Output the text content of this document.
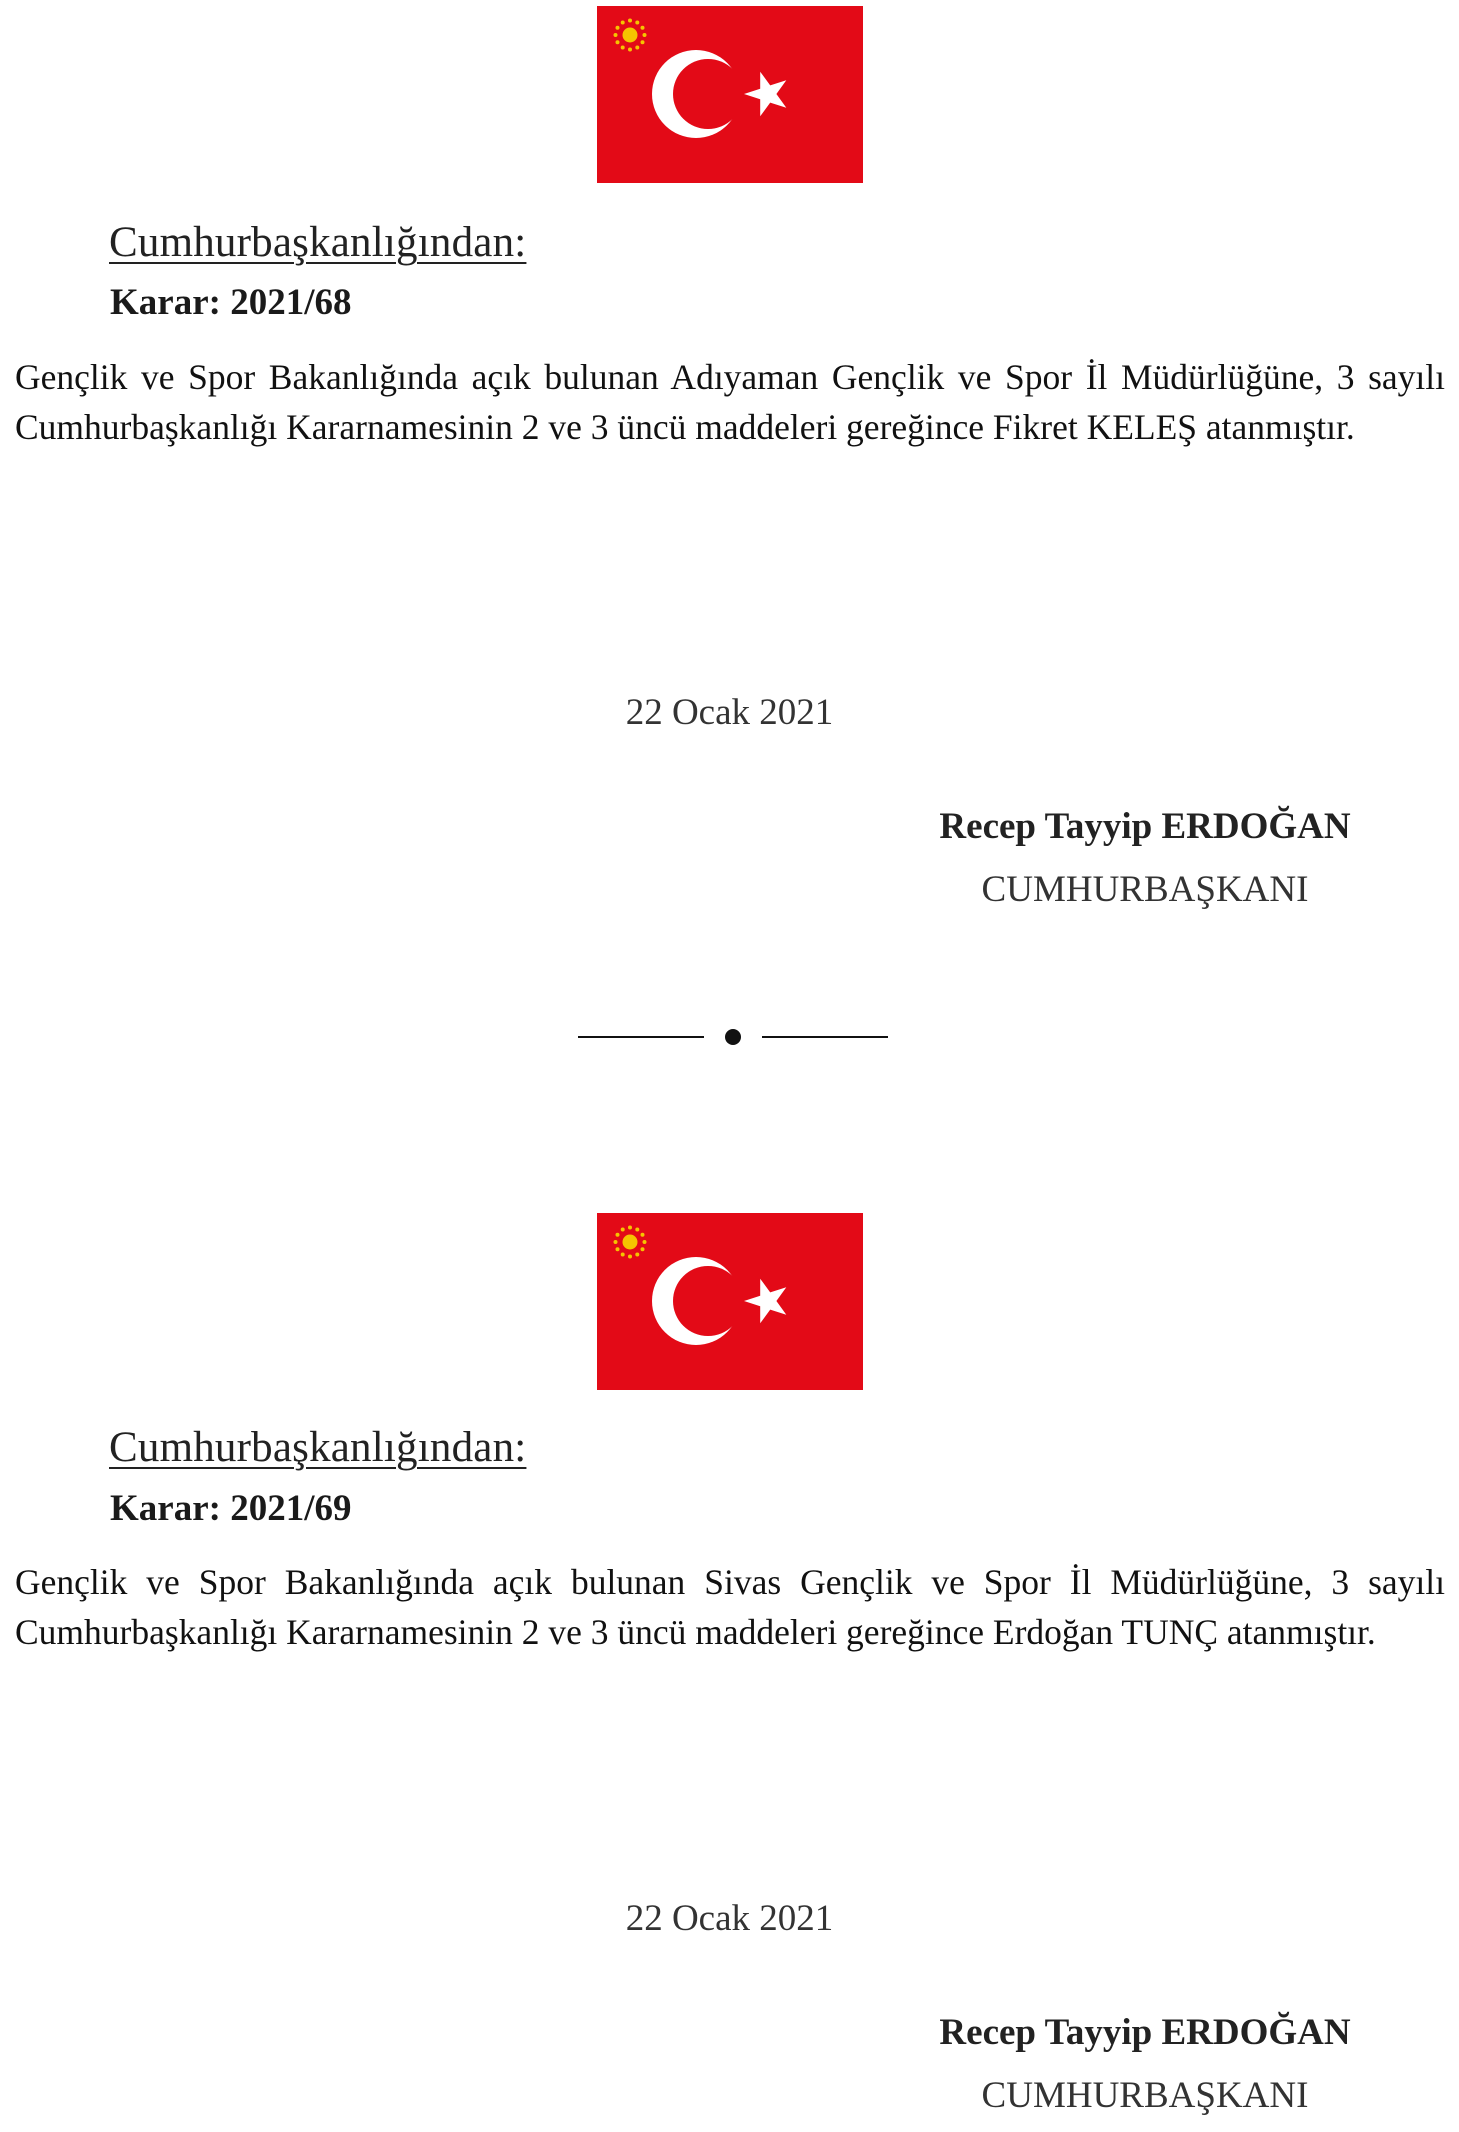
Cumhurbaşkanlığından:
Karar: 2021/68
Gençlik ve Spor Bakanlığında açık bulunan Adıyaman Gençlik ve Spor İl Müdürlüğüne, 3 sayılı Cumhurbaşkanlığı Kararnamesinin 2 ve 3 üncü maddeleri gereğince Fikret KELEŞ atanmıştır.
22 Ocak 2021
Recep Tayyip ERDOĞAN
CUMHURBAŞKANI
Cumhurbaşkanlığından:
Karar: 2021/69
Gençlik ve Spor Bakanlığında açık bulunan Sivas Gençlik ve Spor İl Müdürlüğüne, 3 sayılı Cumhurbaşkanlığı Kararnamesinin 2 ve 3 üncü maddeleri gereğince Erdoğan TUNÇ atanmıştır.
22 Ocak 2021
Recep Tayyip ERDOĞAN
CUMHURBAŞKANI
